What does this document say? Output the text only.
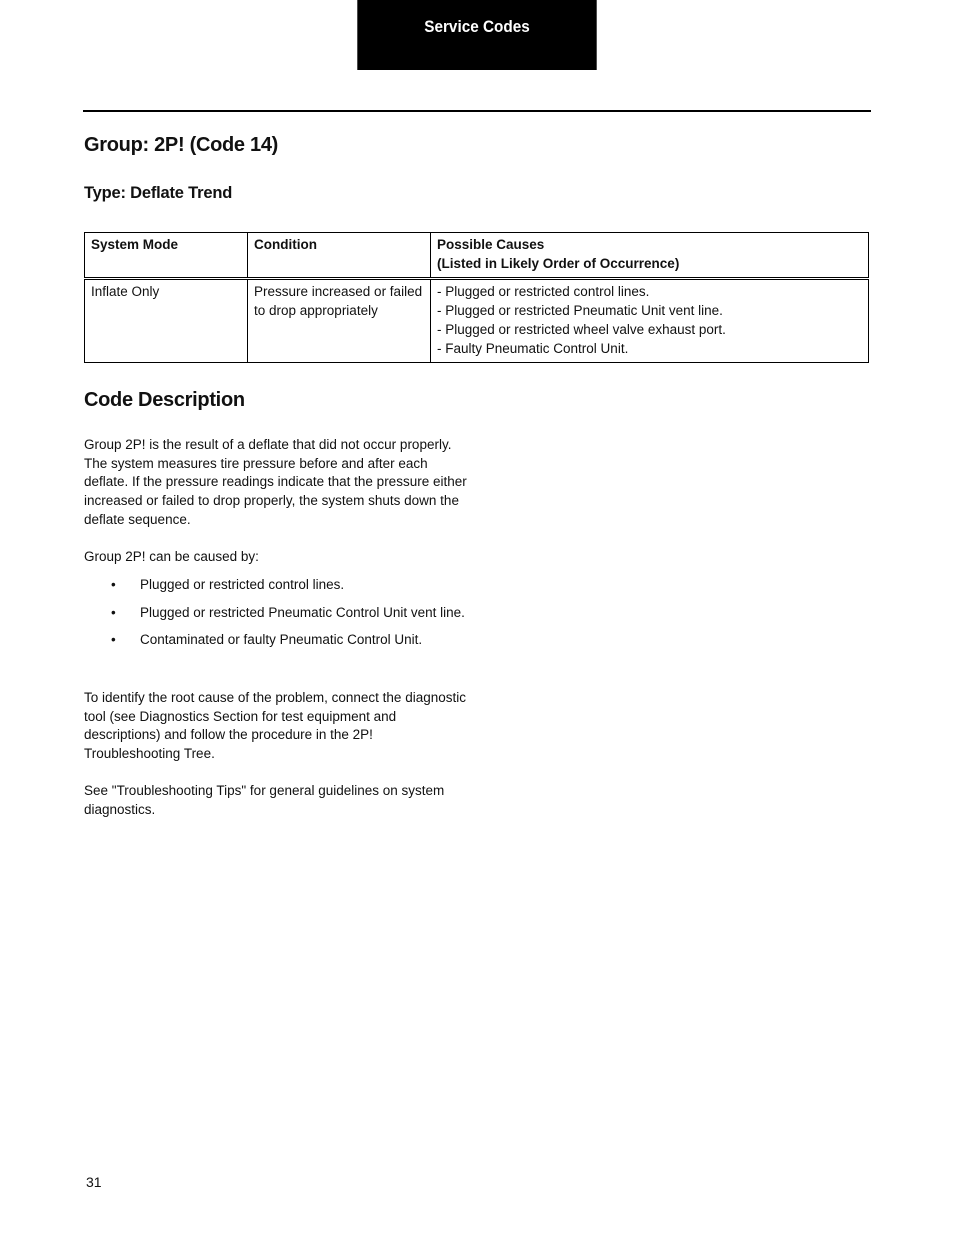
Service Codes
Group: 2P! (Code 14)
Type: Deflate Trend
System Mode	Condition	Possible Causes
(Listed in Likely Order of Occurrence)
Inflate Only	Pressure increased or failed to drop appropriately	- Plugged or restricted control lines.
- Plugged or restricted Pneumatic Unit vent line.
- Plugged or restricted wheel valve exhaust port.
- Faulty Pneumatic Control Unit.
Code Description

Group 2P! is the result of a deflate that did not occur properly. The system measures tire pressure before and after each deflate. If the pressure readings indicate that the pressure either increased or failed to drop properly, the system shuts down the deflate sequence.

Group 2P! can be caused by:

• Plugged or restricted control lines.
• Plugged or restricted Pneumatic Control Unit vent line.
• Contaminated or faulty Pneumatic Control Unit.

To identify the root cause of the problem, connect the diagnostic tool (see Diagnostics Section for test equipment and descriptions) and follow the procedure in the 2P! Troubleshooting Tree.

See "Troubleshooting Tips" for general guidelines on system diagnostics.

31
